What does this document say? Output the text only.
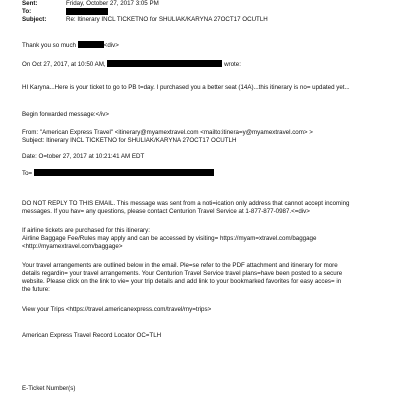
Sent:	Friday, October 27, 2017 3:05 PM
To:
Subject:	Re: Itinerary INCL TICKETNO for SHULIAK/KARYNA 27OCT17 OCUTLH
Thank you so much	<div>
On Oct 27, 2017, at 10:50 AM,	wrote:
HI Karyna...Here is your ticket to go to PB t=day. I purchased you a better seat (14A)...this itinerary is no= updated yet...
Begin forwarded message:</iv>
From: "American Express Travel" <itinerary@myamextravel.com <mailto:itinera=y@myamextravel.com> >
Subject: Itinerary INCL TICKETNO for SHULIAK/KARYNA 27OCT17 OCUTLH
Date: O=tober 27, 2017 at 10:21:41 AM EDT
To=
DO NOT REPLY TO THIS EMAIL. This message was sent from a noti=ication only address that cannot accept incoming
messages. If you hav= any questions, please contact Centurion Travel Service at 1-877-877-0987.<=div>
If airline tickets are purchased for this itinerary:
Airline Baggage Fee/Rules may apply and can be accessed by visiting= https://myam=xtravel.com/baggage
<http://myamextravel.com/baggage>
Your travel arrangements are outlined below in the email. Ple=se refer to the PDF attachment and itinerary for more
details regardin= your travel arrangements. Your Centurion Travel Service travel plans=have been posted to a secure
website. Please click on the link to vie= your trip details and add link to your bookmarked favorites for easy acces= in
the future:
View your Trips <https://travel.americanexpress.com/travel/my=trips>
American Express Travel Record Locator OC=TLH
E-Ticket Number(s)
